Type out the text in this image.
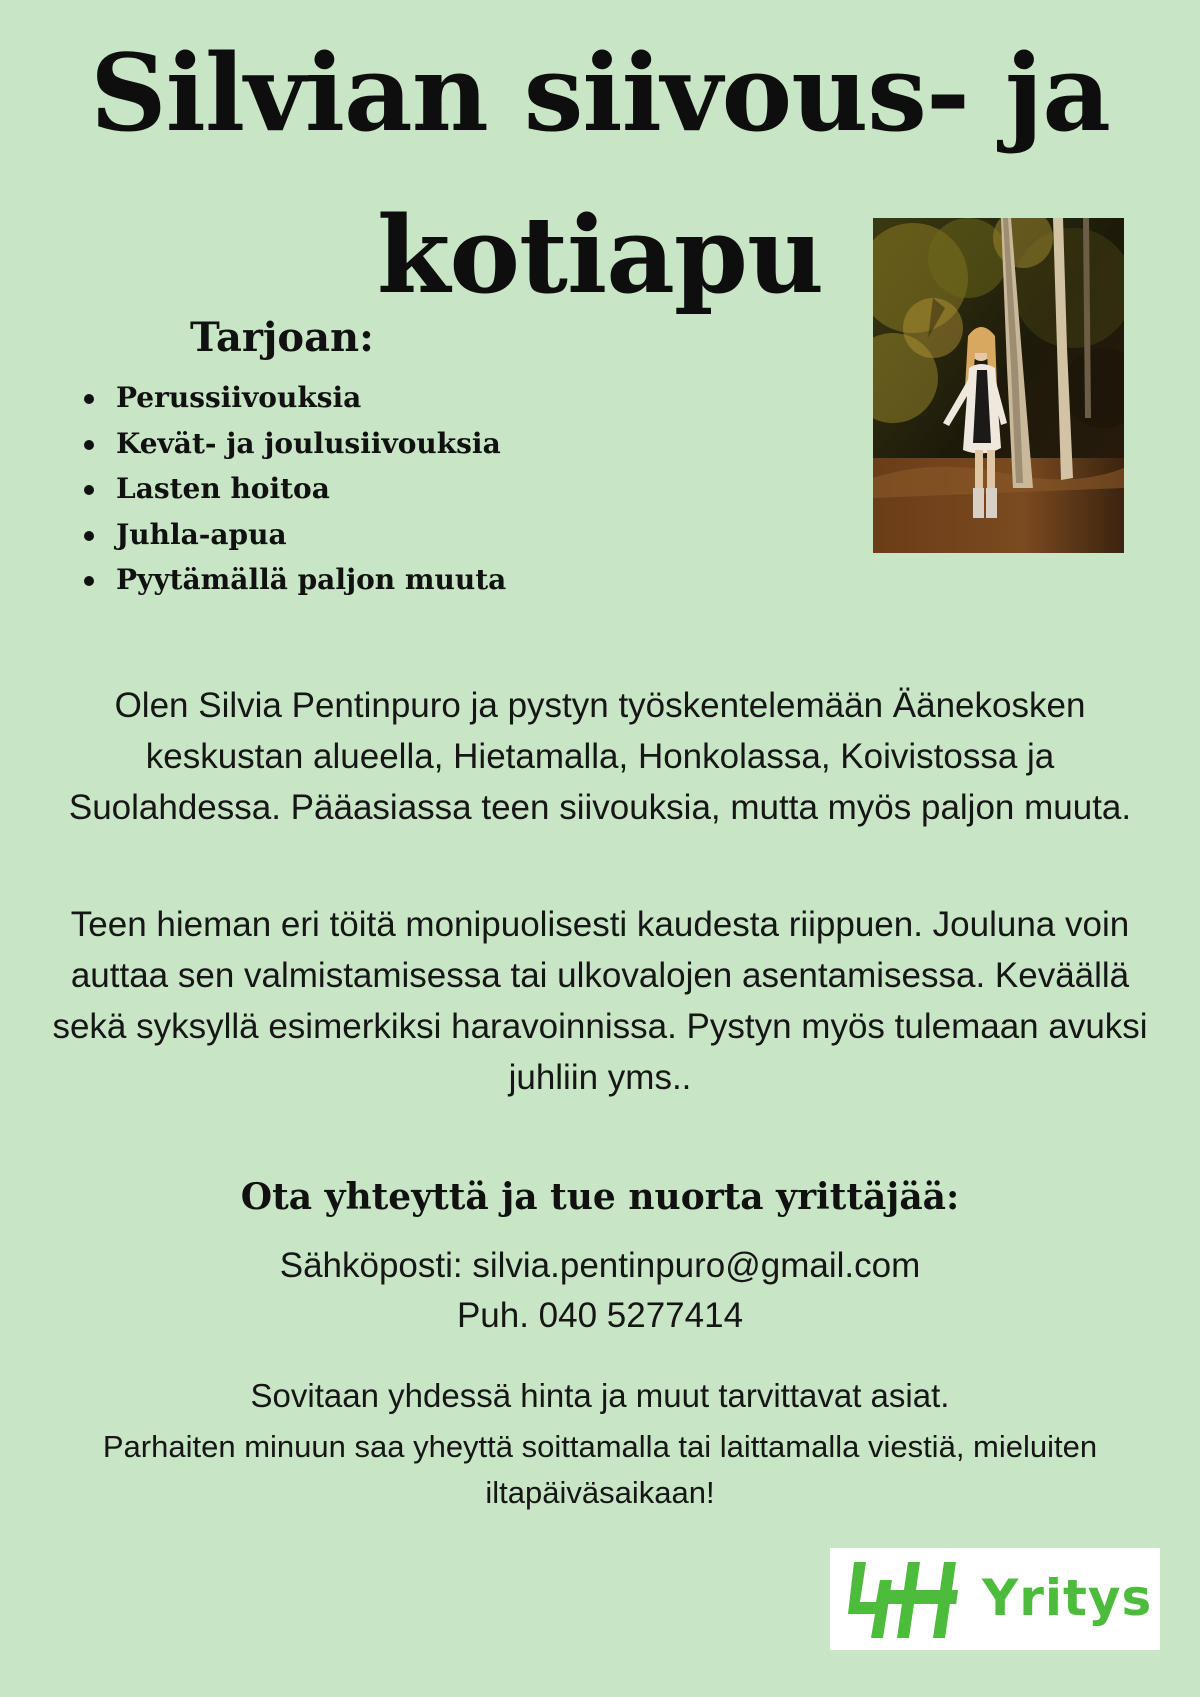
Silvian siivous- ja
kotiapu
Tarjoan:
Perussiivouksia
Kevät- ja joulusiivouksia
Lasten hoitoa
Juhla-apua
Pyytämällä paljon muuta

Olen Silvia Pentinpuro ja pystyn työskentelemään Äänekosken keskustan alueella, Hietamalla, Honkolassa, Koivistossa ja Suolahdessa. Pääasiassa teen siivouksia, mutta myös paljon muuta.

Teen hieman eri töitä monipuolisesti kaudesta riippuen. Jouluna voin auttaa sen valmistamisessa tai ulkovalojen asentamisessa. Keväällä sekä syksyllä esimerkiksi haravoinnissa. Pystyn myös tulemaan avuksi juhliin yms..

Ota yhteyttä ja tue nuorta yrittäjää:
Sähköposti: silvia.pentinpuro@gmail.com
Puh. 040 5277414
Sovitaan yhdessä hinta ja muut tarvittavat asiat.
Parhaiten minuun saa yheyttä soittamalla tai laittamalla viestiä, mieluiten iltapäiväsaikaan!
Yritys
